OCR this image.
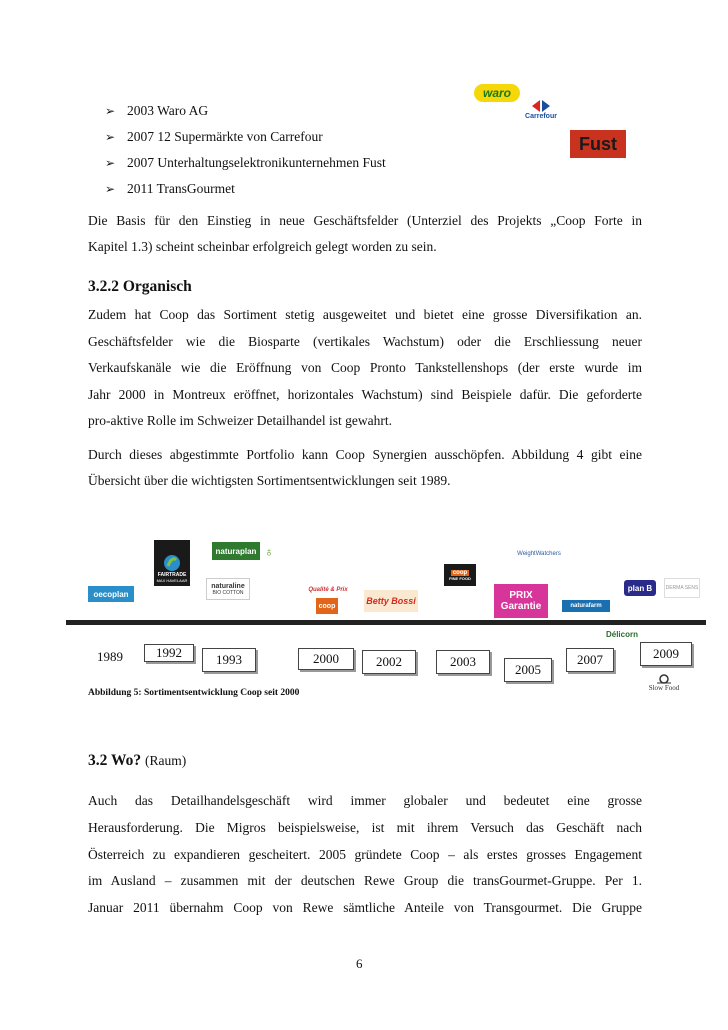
➢ 2003 Waro AG
➢ 2007 12 Supermärkte von Carrefour
➢ 2007 Unterhaltungselektronikunternehmen Fust
➢ 2011 TransGourmet
waro
Carrefour
Fust
Die Basis für den Einstieg in neue Geschäftsfelder (Unterziel des Projekts „Coop Forte in
Kapitel 1.3) scheint scheinbar erfolgreich gelegt worden zu sein.
3.2.2 Organisch
Zudem hat Coop das Sortiment stetig ausgeweitet und bietet eine grosse Diversifikation an.
Geschäftsfelder wie die Biosparte (vertikales Wachstum) oder die Erschliessung neuer
Verkaufskanäle wie die Eröffnung von Coop Pronto Tankstellenshops (der erste wurde im
Jahr 2000 in Montreux eröffnet, horizontales Wachstum) sind Beispiele dafür. Die geforderte
pro-aktive Rolle im Schweizer Detailhandel ist gewahrt.
Durch dieses abgestimmte Portfolio kann Coop Synergien ausschöpfen. Abbildung 4 gibt eine
Übersicht über die wichtigsten Sortimentsentwicklungen seit 1989.
oecoplan
FAIRTRADE
MAX HAVELAAR
naturaplan ♁
naturaline
BIO COTTON	Qualité & Prix
coop	Betty Bossi
coop
FINE FOOD
WeightWatchers
PRIX Garantie	naturafarm
Délicorn
plan B	DERMA SENS
Slow Food
1989	1992	1993	2000	2002	2003
2005
2007	2009
Abbildung 5: Sortimentsentwicklung Coop seit 2000
3.2 Wo? (Raum)
Auch das Detailhandelsgeschäft wird immer globaler und bedeutet eine grosse
Herausforderung. Die Migros beispielsweise, ist mit ihrem Versuch das Geschäft nach
Österreich zu expandieren gescheitert. 2005 gründete Coop – als erstes grosses Engagement
im Ausland – zusammen mit der deutschen Rewe Group die transGourmet-Gruppe. Per 1.
Januar 2011 übernahm Coop von Rewe sämtliche Anteile von Transgourmet. Die Gruppe
6
